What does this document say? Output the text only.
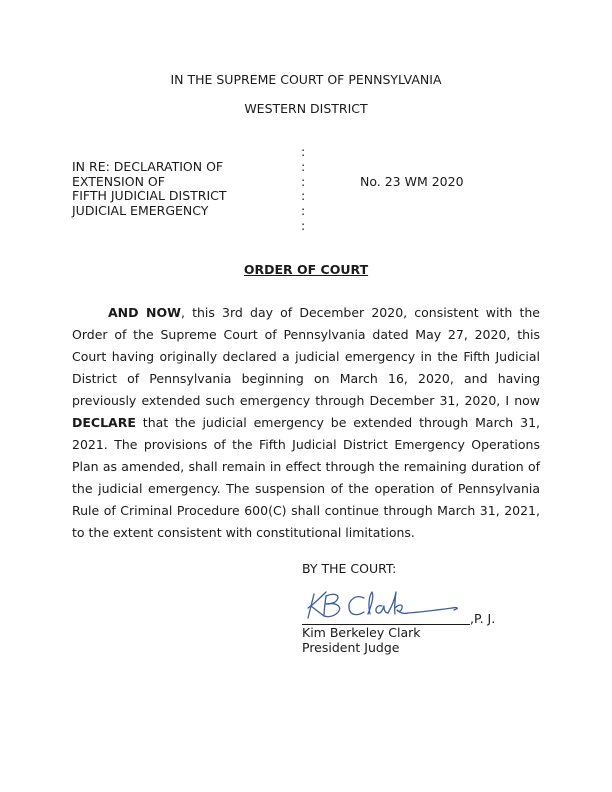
IN THE SUPREME COURT OF PENNSYLVANIA
WESTERN DISTRICT
IN RE: DECLARATION OF
EXTENSION OF
FIFTH JUDICIAL DISTRICT
JUDICIAL EMERGENCY
:
:
:
:
:
:
No. 23 WM 2020
ORDER OF COURT
AND NOW, this 3rd day of December 2020, consistent with the Order of the Supreme Court of Pennsylvania dated May 27, 2020, this Court having originally declared a judicial emergency in the Fifth Judicial District of Pennsylvania beginning on March 16, 2020, and having previously extended such emergency through December 31, 2020, I now DECLARE that the judicial emergency be extended through March 31, 2021. The provisions of the Fifth Judicial District Emergency Operations Plan as amended, shall remain in effect through the remaining duration of the judicial emergency. The suspension of the operation of Pennsylvania Rule of Criminal Procedure 600(C) shall continue through March 31, 2021, to the extent consistent with constitutional limitations.
BY THE COURT:
,P. J.
Kim Berkeley Clark
President Judge
